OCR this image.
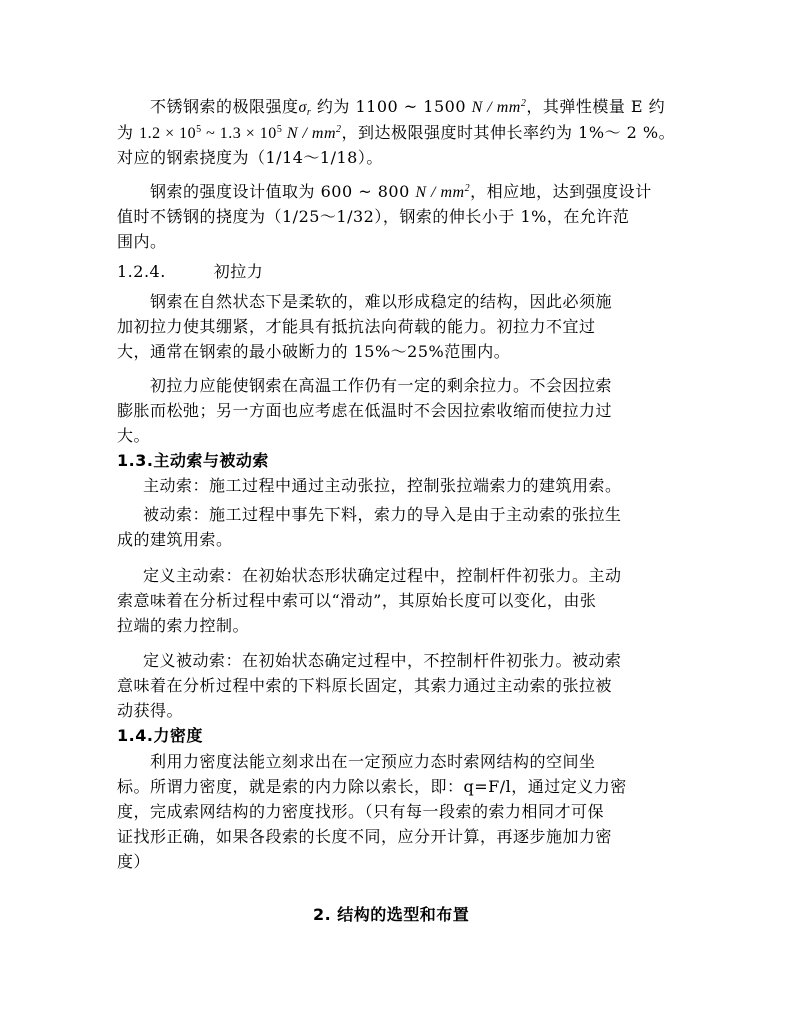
不锈钢索的极限强度$\sigma_r$ 约为 1100 ~ 1500 N / $mm^2$，其弹性模量 E 约
为 $1.2 \times 10^5$ ~ $1.3 \times 10^5$ N / $mm^2$，到达极限强度时其伸长率约为 1%～ 2 %。
对应的钢索挠度为（1/14～1/18）。
钢索的强度设计值取为 600 ~ 800 N / $mm^2$，相应地，达到强度设计
值时不锈钢的挠度为（1/25～1/32），钢索的伸长小于 1%，在允许范
围内。
1.2.4.	初拉力
钢索在自然状态下是柔软的，难以形成稳定的结构，因此必须施
加初拉力使其绷紧，才能具有抵抗法向荷载的能力。初拉力不宜过
大，通常在钢索的最小破断力的 15%～25%范围内。
初拉力应能使钢索在高温工作仍有一定的剩余拉力。不会因拉索
膨胀而松弛；另一方面也应考虑在低温时不会因拉索收缩而使拉力过
大。
1.3.主动索与被动索
主动索：施工过程中通过主动张拉，控制张拉端索力的建筑用索。
被动索：施工过程中事先下料，索力的导入是由于主动索的张拉生
成的建筑用索。
定义主动索：在初始状态形状确定过程中，控制杆件初张力。主动
索意味着在分析过程中索可以“滑动”，其原始长度可以变化，由张
拉端的索力控制。
定义被动索：在初始状态确定过程中，不控制杆件初张力。被动索
意味着在分析过程中索的下料原长固定，其索力通过主动索的张拉被
动获得。
1.4.力密度
利用力密度法能立刻求出在一定预应力态时索网结构的空间坐
标。所谓力密度，就是索的内力除以索长，即：q=F/l，通过定义力密
度，完成索网结构的力密度找形。（只有每一段索的索力相同才可保
证找形正确，如果各段索的长度不同，应分开计算，再逐步施加力密
度）
2. 结构的选型和布置
